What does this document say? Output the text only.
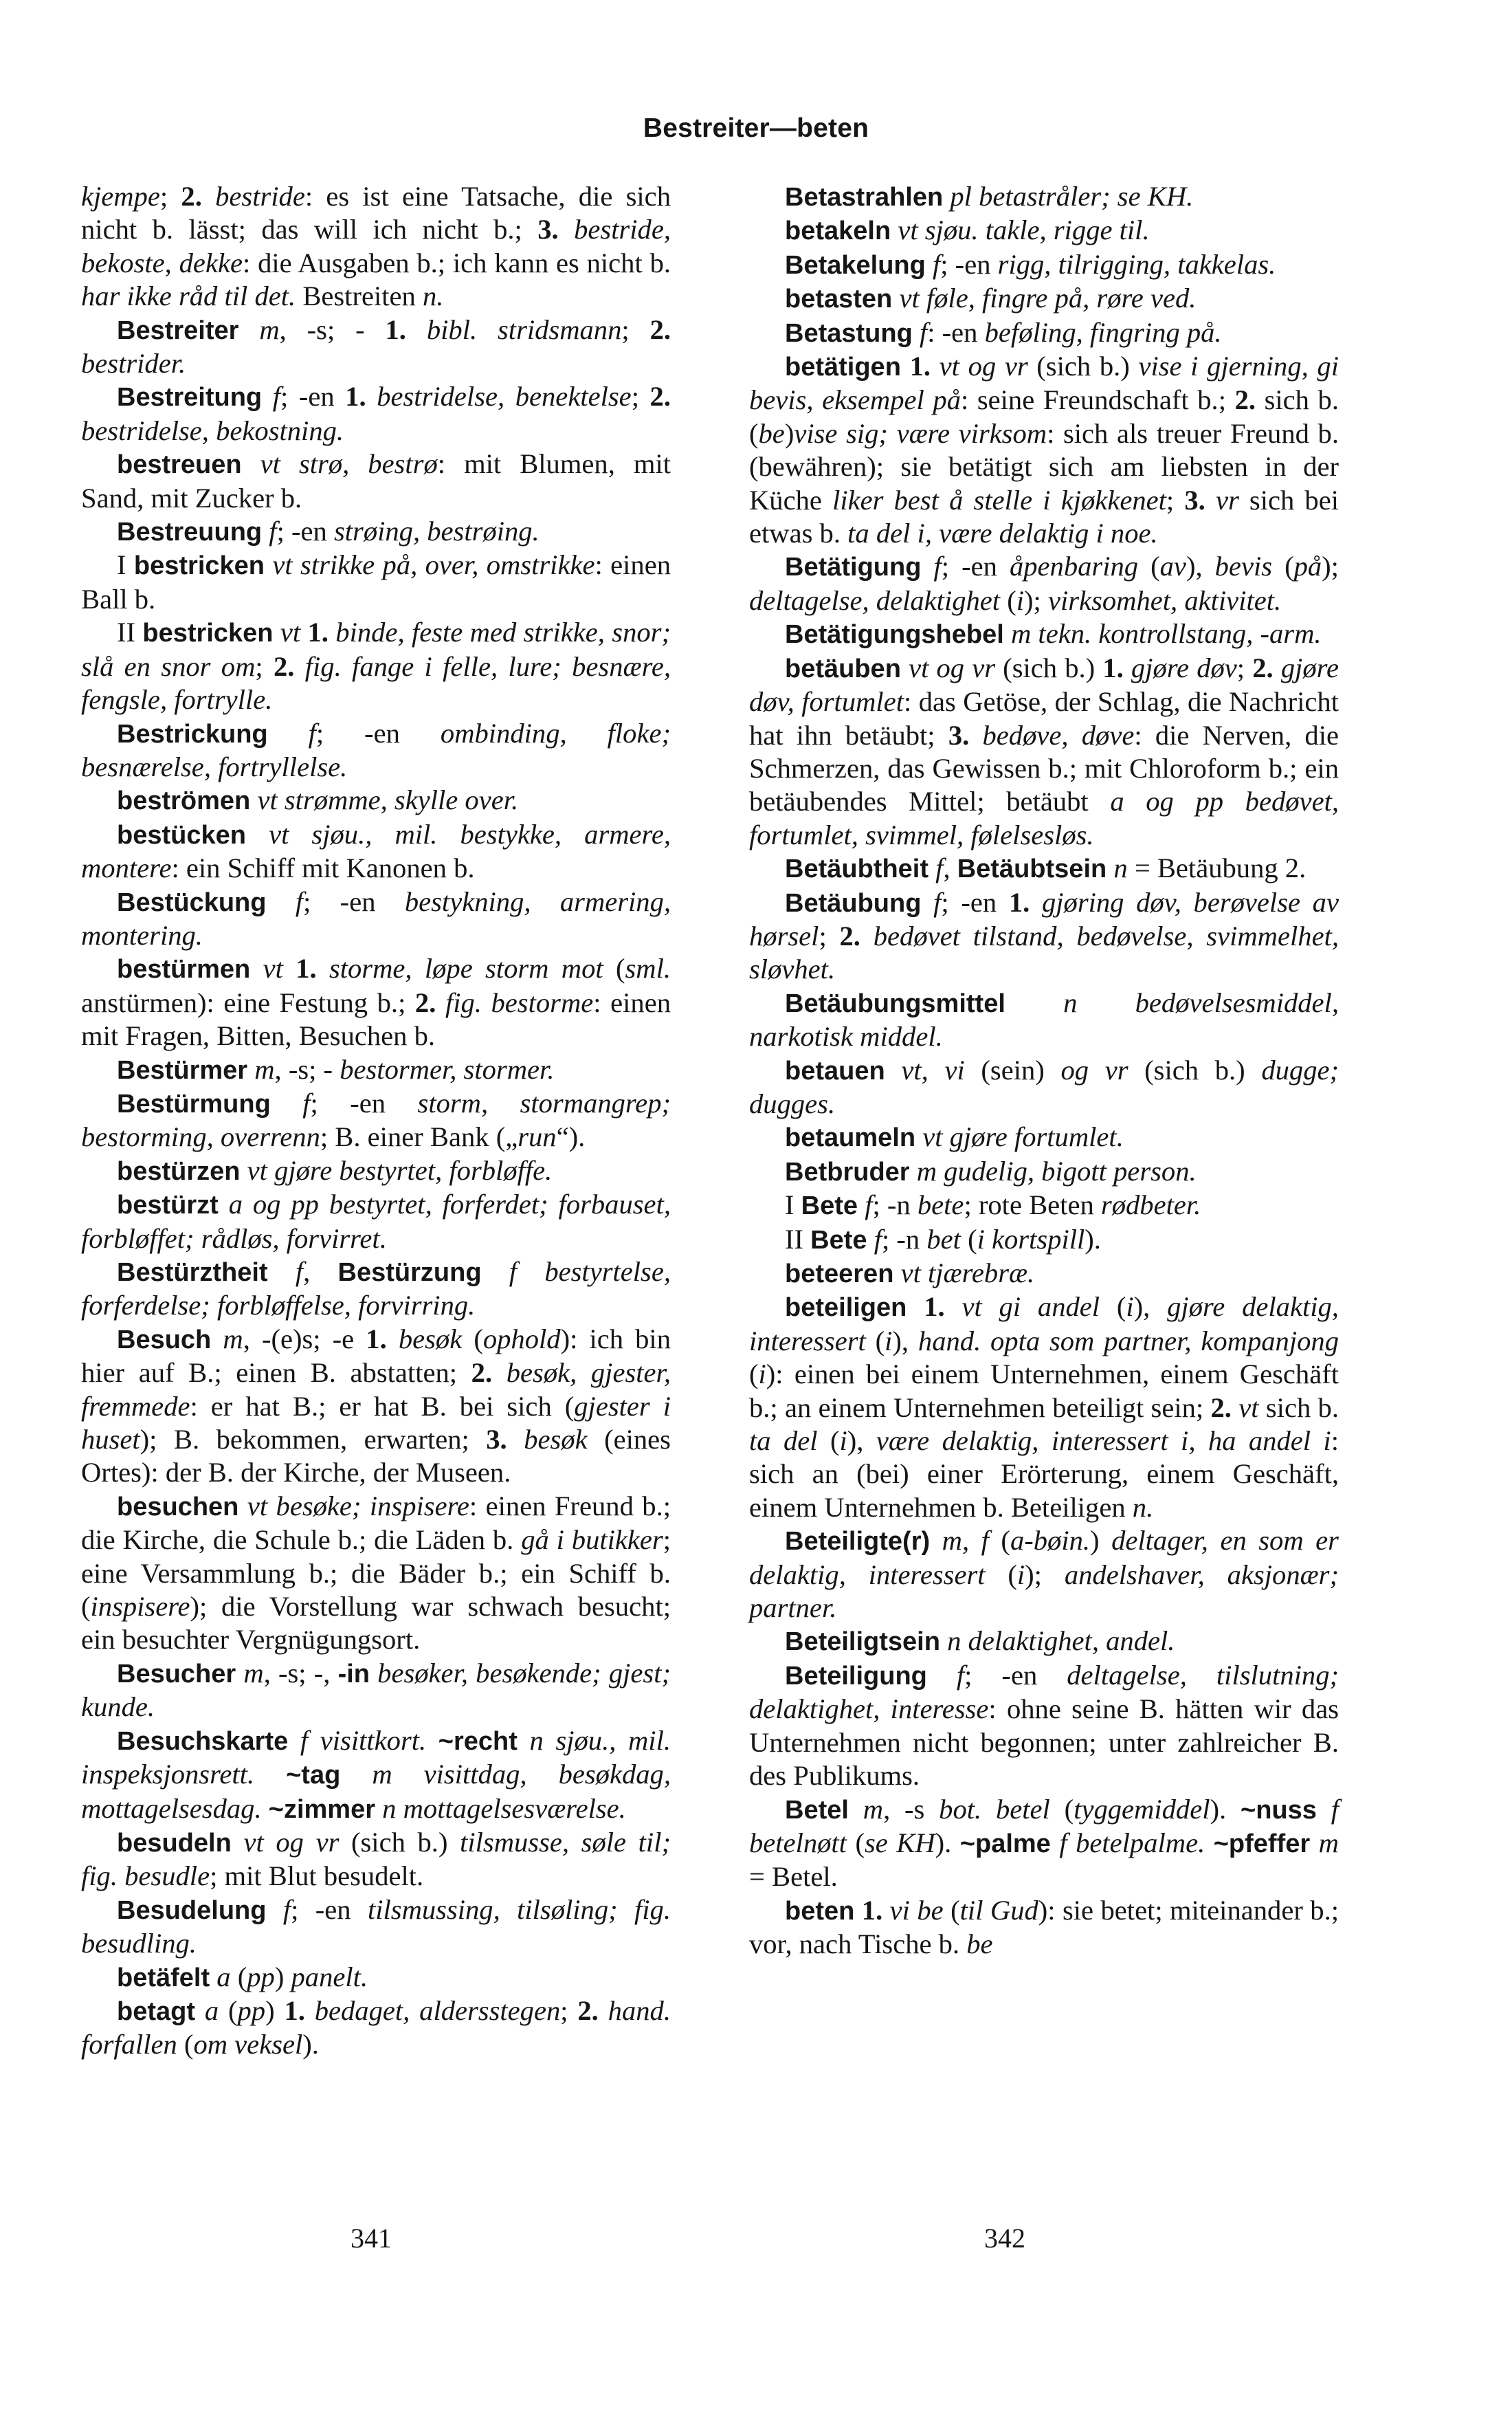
Bestreiter—beten

kjempe; 2. bestride: es ist eine Tatsache, die sich nicht b. lässt; das will ich nicht b.; 3. bestride, bekoste, dekke: die Ausgaben b.; ich kann es nicht b. har ikke råd til det. Bestreiten n.

Bestreiter m, -s; - 1. bibl. stridsmann; 2. bestrider.

Bestreitung f; -en 1. bestridelse, benektelse; 2. bestridelse, bekostning.

bestreuen vt strø, bestrø: mit Blumen, mit Sand, mit Zucker b.

Bestreuung f; -en strøing, bestrøing.

I bestricken vt strikke på, over, omstrikke: einen Ball b.

II bestricken vt 1. binde, feste med strikke, snor; slå en snor om; 2. fig. fange i felle, lure; besnære, fengsle, fortrylle.

Bestrickung f; -en ombinding, floke; besnærelse, fortryllelse.

beströmen vt strømme, skylle over.

bestücken vt sjøu., mil. bestykke, armere, montere: ein Schiff mit Kanonen b.

Bestückung f; -en bestykning, armering, montering.

bestürmen vt 1. storme, løpe storm mot (sml. anstürmen): eine Festung b.; 2. fig. bestorme: einen mit Fragen, Bitten, Besuchen b.

Bestürmer m, -s; - bestormer, stormer.

Bestürmung f; -en storm, stormangrep; bestorming, overrenn; B. einer Bank („run“).

bestürzen vt gjøre bestyrtet, forbløffe.

bestürzt a og pp bestyrtet, forferdet; forbauset, forbløffet; rådløs, forvirret.

Bestürztheit f, Bestürzung f bestyrtelse, forferdelse; forbløffelse, forvirring.

Besuch m, -(e)s; -e 1. besøk (ophold): ich bin hier auf B.; einen B. abstatten; 2. besøk, gjester, fremmede: er hat B.; er hat B. bei sich (gjester i huset); B. bekommen, erwarten; 3. besøk (eines Ortes): der B. der Kirche, der Museen.

besuchen vt besøke; inspisere: einen Freund b.; die Kirche, die Schule b.; die Läden b. gå i butikker; eine Versammlung b.; die Bäder b.; ein Schiff b. (inspisere); die Vorstellung war schwach besucht; ein besuchter Vergnügungsort.

Besucher m, -s; -, -in besøker, besøkende; gjest; kunde.

Besuchskarte f visittkort. ~recht n sjøu., mil. inspeksjonsrett. ~tag m visittdag, besøkdag, mottagelsesdag. ~zimmer n mottagelsesværelse.

besudeln vt og vr (sich b.) tilsmusse, søle til; fig. besudle; mit Blut besudelt.

Besudelung f; -en tilsmussing, tilsøling; fig. besudling.

betäfelt a (pp) panelt.

betagt a (pp) 1. bedaget, aldersstegen; 2. hand. forfallen (om veksel).

Betastrahlen pl betastråler; se KH.

betakeln vt sjøu. takle, rigge til.

Betakelung f; -en rigg, tilrigging, takkelas.

betasten vt føle, fingre på, røre ved.

Betastung f: -en beføling, fingring på.

betätigen 1. vt og vr (sich b.) vise i gjerning, gi bevis, eksempel på: seine Freundschaft b.; 2. sich b. (be)vise sig; være virksom: sich als treuer Freund b. (bewähren); sie betätigt sich am liebsten in der Küche liker best å stelle i kjøkkenet; 3. vr sich bei etwas b. ta del i, være delaktig i noe.

Betätigung f; -en åpenbaring (av), bevis (på); deltagelse, delaktighet (i); virksomhet, aktivitet.

Betätigungshebel m tekn. kontrollstang, -arm.

betäuben vt og vr (sich b.) 1. gjøre døv; 2. gjøre døv, fortumlet: das Getöse, der Schlag, die Nachricht hat ihn betäubt; 3. bedøve, døve: die Nerven, die Schmerzen, das Gewissen b.; mit Chloroform b.; ein betäubendes Mittel; betäubt a og pp bedøvet, fortumlet, svimmel, følelsesløs.

Betäubtheit f, Betäubtsein n = Betäubung 2.

Betäubung f; -en 1. gjøring døv, berøvelse av hørsel; 2. bedøvet tilstand, bedøvelse, svimmelhet, sløvhet.

Betäubungsmittel n bedøvelsesmiddel, narkotisk middel.

betauen vt, vi (sein) og vr (sich b.) dugge; dugges.

betaumeln vt gjøre fortumlet.

Betbruder m gudelig, bigott person.

I Bete f; -n bete; rote Beten rødbeter.

II Bete f; -n bet (i kortspill).

beteeren vt tjærebræ.

beteiligen 1. vt gi andel (i), gjøre delaktig, interessert (i), hand. opta som partner, kompanjong (i): einen bei einem Unternehmen, einem Geschäft b.; an einem Unternehmen beteiligt sein; 2. vt sich b. ta del (i), være delaktig, interessert i, ha andel i: sich an (bei) einer Erörterung, einem Geschäft, einem Unternehmen b. Beteiligen n.

Beteiligte(r) m, f (a-bøin.) deltager, en som er delaktig, interessert (i); andelshaver, aksjonær; partner.

Beteiligtsein n delaktighet, andel.

Beteiligung f; -en deltagelse, tilslutning; delaktighet, interesse: ohne seine B. hätten wir das Unternehmen nicht begonnen; unter zahlreicher B. des Publikums.

Betel m, -s bot. betel (tyggemiddel). ~nuss f betelnøtt (se KH). ~palme f betelpalme. ~pfeffer m = Betel.

beten 1. vi be (til Gud): sie betet; miteinander b.; vor, nach Tische b. be

341	342
